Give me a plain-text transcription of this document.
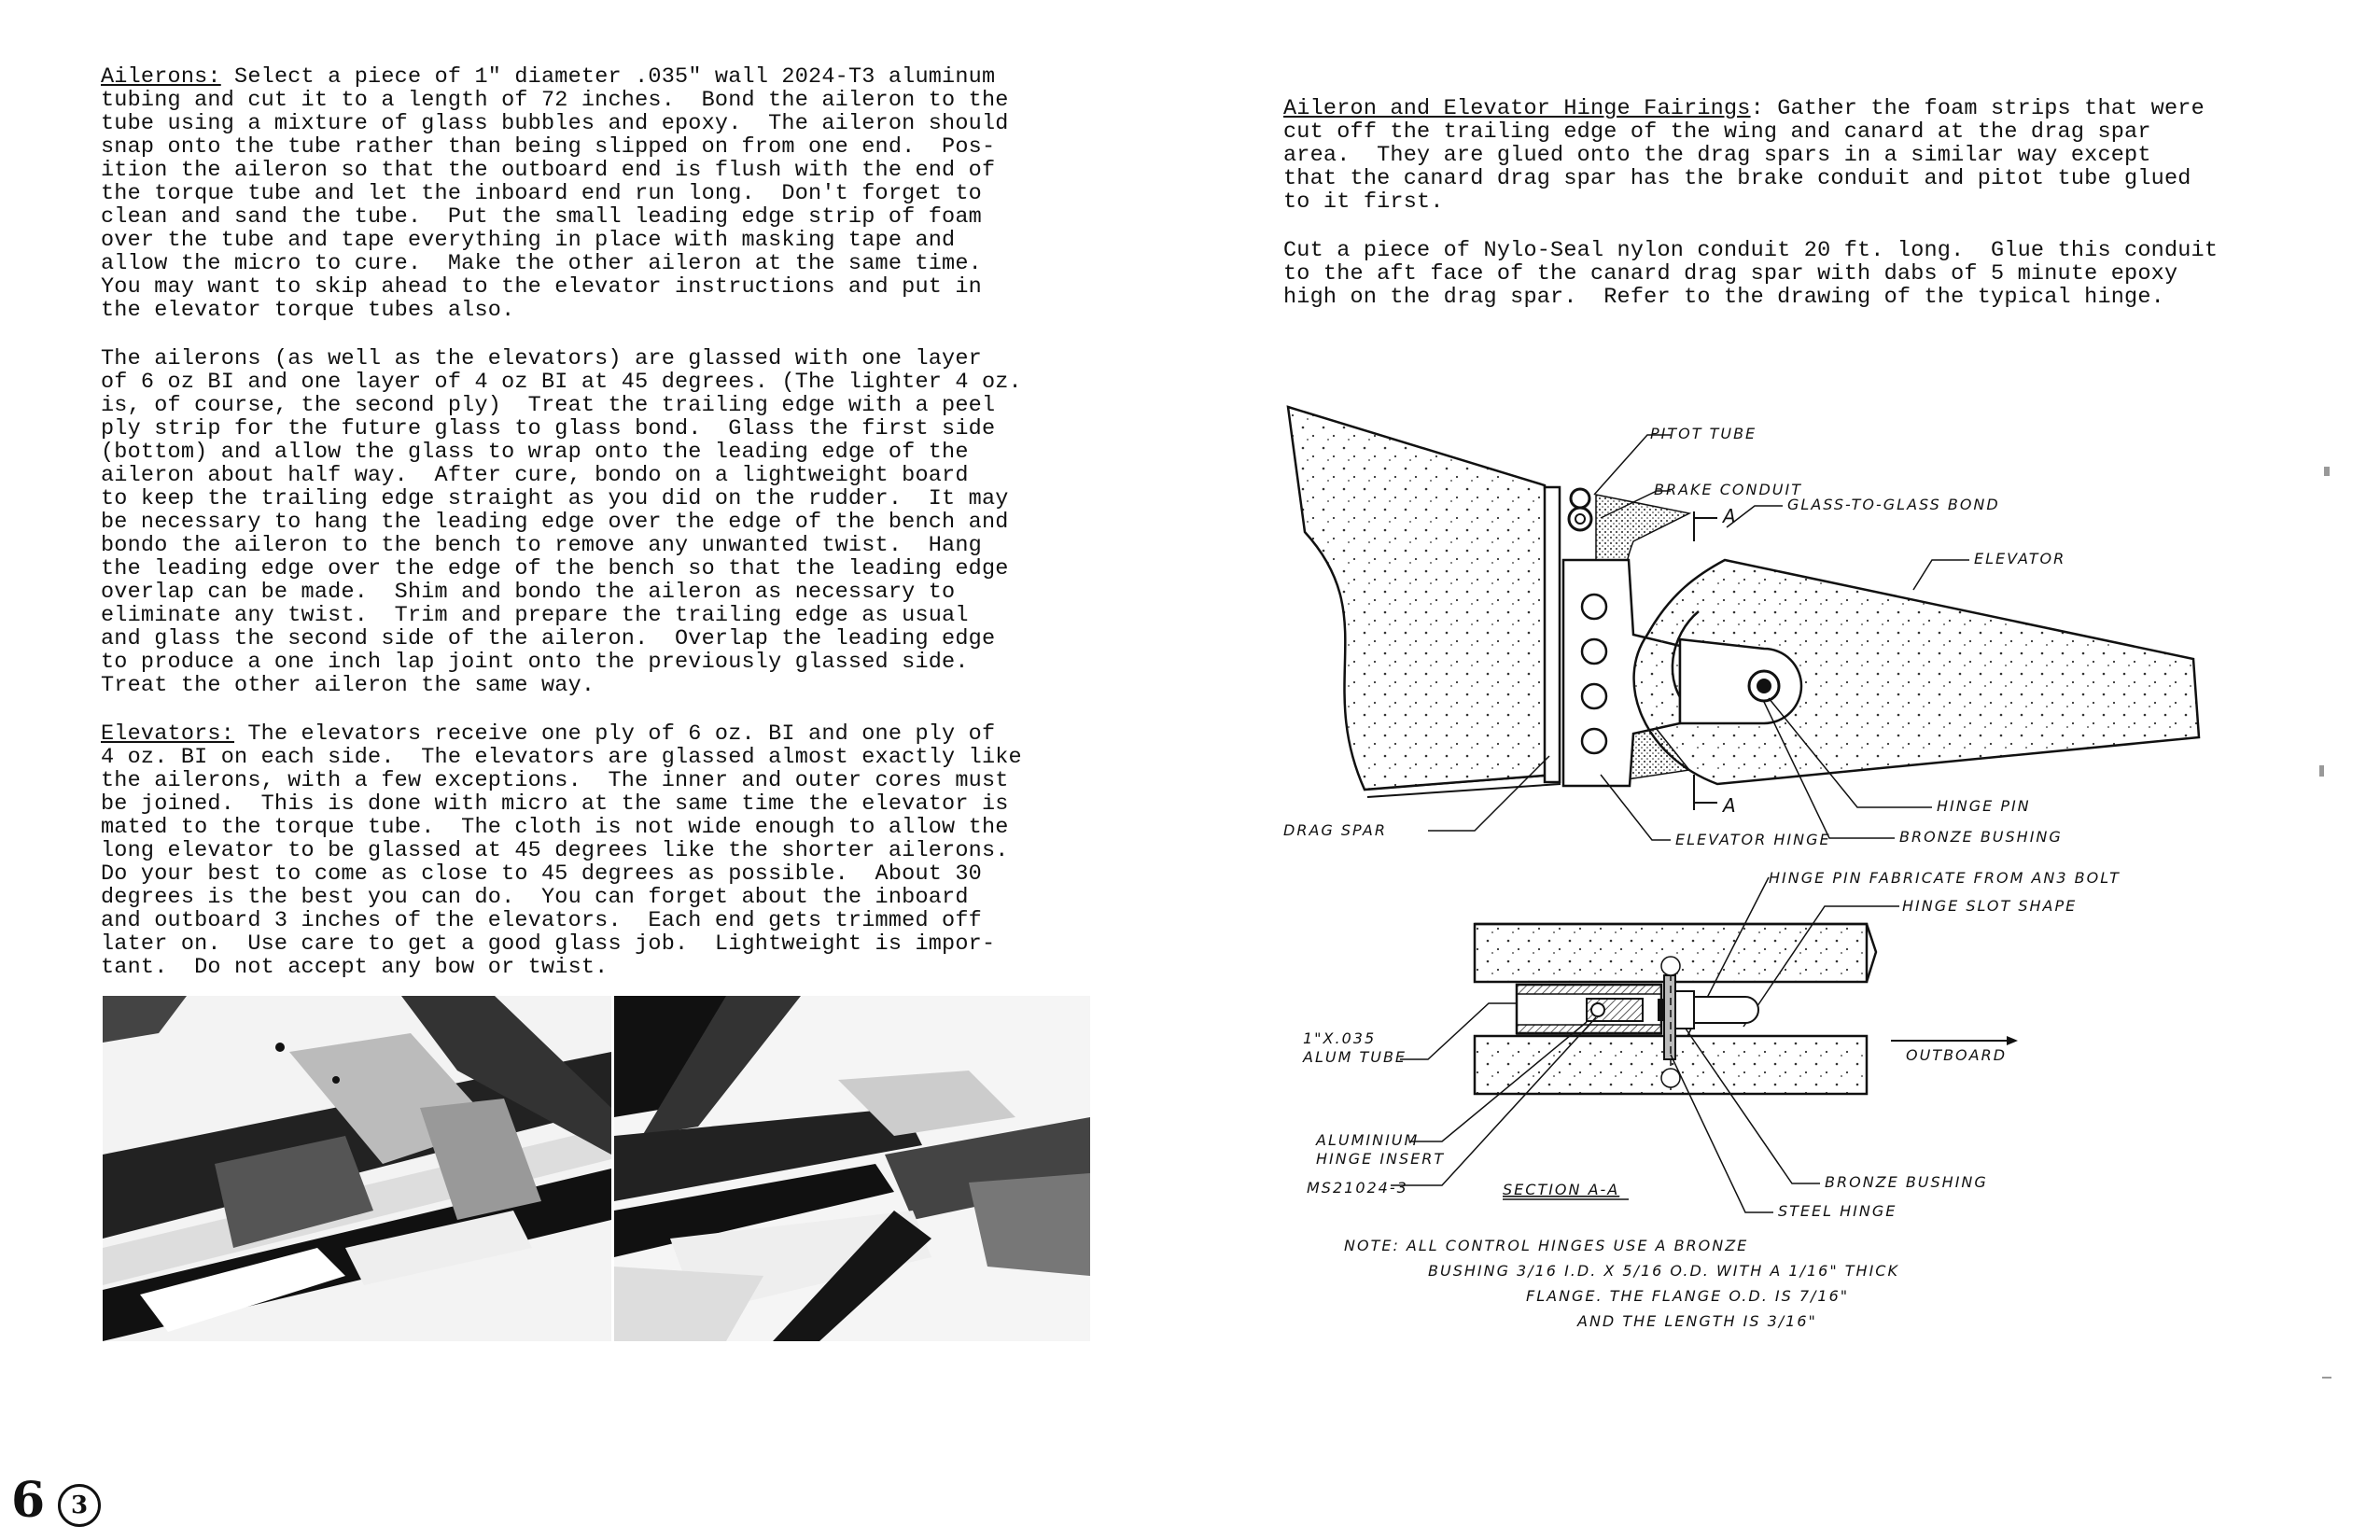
Ailerons: Select a piece of 1" diameter .035" wall 2024-T3 aluminum
tubing and cut it to a length of 72 inches.  Bond the aileron to the
tube using a mixture of glass bubbles and epoxy.  The aileron should
snap onto the tube rather than being slipped on from one end.  Pos-
ition the aileron so that the outboard end is flush with the end of
the torque tube and let the inboard end run long.  Don't forget to
clean and sand the tube.  Put the small leading edge strip of foam
over the tube and tape everything in place with masking tape and
allow the micro to cure.  Make the other aileron at the same time.
You may want to skip ahead to the elevator instructions and put in
the elevator torque tubes also.

The ailerons (as well as the elevators) are glassed with one layer
of 6 oz BI and one layer of 4 oz BI at 45 degrees. (The lighter 4 oz.
is, of course, the second ply)  Treat the trailing edge with a peel
ply strip for the future glass to glass bond.  Glass the first side
(bottom) and allow the glass to wrap onto the leading edge of the
aileron about half way.  After cure, bondo on a lightweight board
to keep the trailing edge straight as you did on the rudder.  It may
be necessary to hang the leading edge over the edge of the bench and
bondo the aileron to the bench to remove any unwanted twist.  Hang
the leading edge over the edge of the bench so that the leading edge
overlap can be made.  Shim and bondo the aileron as necessary to
eliminate any twist.  Trim and prepare the trailing edge as usual
and glass the second side of the aileron.  Overlap the leading edge
to produce a one inch lap joint onto the previously glassed side.
Treat the other aileron the same way.

Elevators: The elevators receive one ply of 6 oz. BI and one ply of
4 oz. BI on each side.  The elevators are glassed almost exactly like
the ailerons, with a few exceptions.  The inner and outer cores must
be joined.  This is done with micro at the same time the elevator is
mated to the torque tube.  The cloth is not wide enough to allow the
long elevator to be glassed at 45 degrees like the shorter ailerons.
Do your best to come as close to 45 degrees as possible.  About 30
degrees is the best you can do.  You can forget about the inboard
and outboard 3 inches of the elevators.  Each end gets trimmed off
later on.  Use care to get a good glass job.  Lightweight is impor-
tant.  Do not accept any bow or twist.

Aileron and Elevator Hinge Fairings: Gather the foam strips that were
cut off the trailing edge of the wing and canard at the drag spar
area.  They are glued onto the drag spars in a similar way except
that the canard drag spar has the brake conduit and pitot tube glued
to it first.

Cut a piece of Nylo-Seal nylon conduit 20 ft. long.  Glue this conduit
to the aft face of the canard drag spar with dabs of 5 minute epoxy
high on the drag spar.  Refer to the drawing of the typical hinge.

A
A
PITOT TUBE
BRAKE CONDUIT
GLASS-TO-GLASS BOND
ELEVATOR
HINGE PIN
BRONZE BUSHING
DRAG SPAR
ELEVATOR HINGE
HINGE PIN FABRICATE FROM AN3 BOLT
HINGE SLOT SHAPE
OUTBOARD
1"X.035
ALUM TUBE
ALUMINIUM
HINGE INSERT
MS21024-3	SECTION A-A	BRONZE BUSHING
STEEL HINGE
NOTE: ALL CONTROL HINGES USE A BRONZE
BUSHING 3/16 I.D. X 5/16 O.D. WITH A 1/16" THICK
FLANGE. THE FLANGE O.D. IS 7/16"
AND THE LENGTH IS 3/16"
6	3
